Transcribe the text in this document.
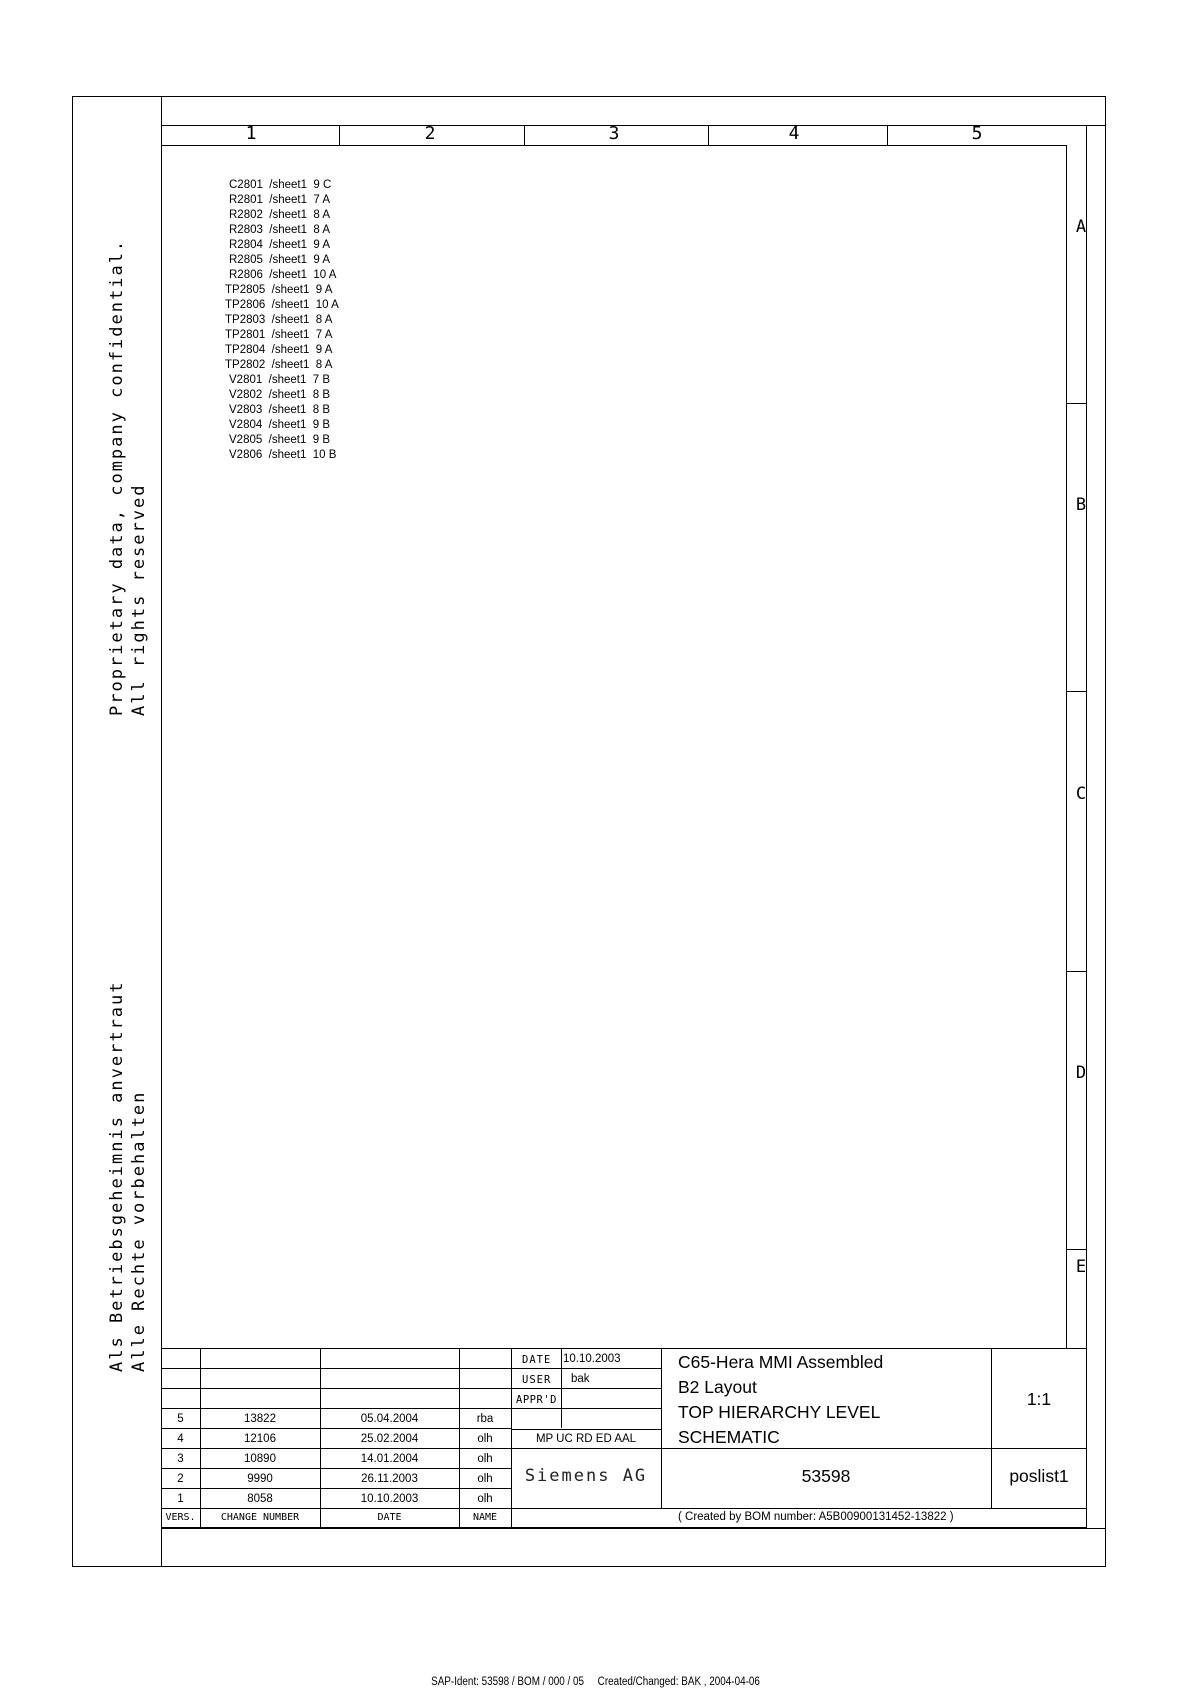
Proprietary data, company confidential. All rights reserved
Als Betriebsgeheimnis anvertraut Alle Rechte vorbehalten
1	2	3	4	5
A
B
C
D
E
C2801  /sheet1  9 C
R2801  /sheet1  7 A
R2802  /sheet1  8 A
R2803  /sheet1  8 A
R2804  /sheet1  9 A
R2805  /sheet1  9 A
R2806  /sheet1  10 A
TP2805  /sheet1  9 A
TP2806  /sheet1  10 A
TP2803  /sheet1  8 A
TP2801  /sheet1  7 A
TP2804  /sheet1  9 A
TP2802  /sheet1  8 A
V2801  /sheet1  7 B
V2802  /sheet1  8 B
V2803  /sheet1  8 B
V2804  /sheet1  9 B
V2805  /sheet1  9 B
V2806  /sheet1  10 B
DATE 10.10.2003
USER bak
APPR'D
5	13822	05.04.2004	rba
4	12106	25.02.2004	olh
3	10890	14.01.2004	olh
2	9990	26.11.2003	olh
1	8058	10.10.2003	olh
VERS.	CHANGE NUMBER	DATE	NAME
MP UC RD ED AAL
Siemens AG
C65-Hera MMI Assembled
B2 Layout
TOP HIERARCHY LEVEL
SCHEMATIC
1:1
53598	poslist1
( Created by BOM number: A5B00900131452-13822 )
SAP-Ident: 53598 / BOM / 000 / 05     Created/Changed: BAK , 2004-04-06
